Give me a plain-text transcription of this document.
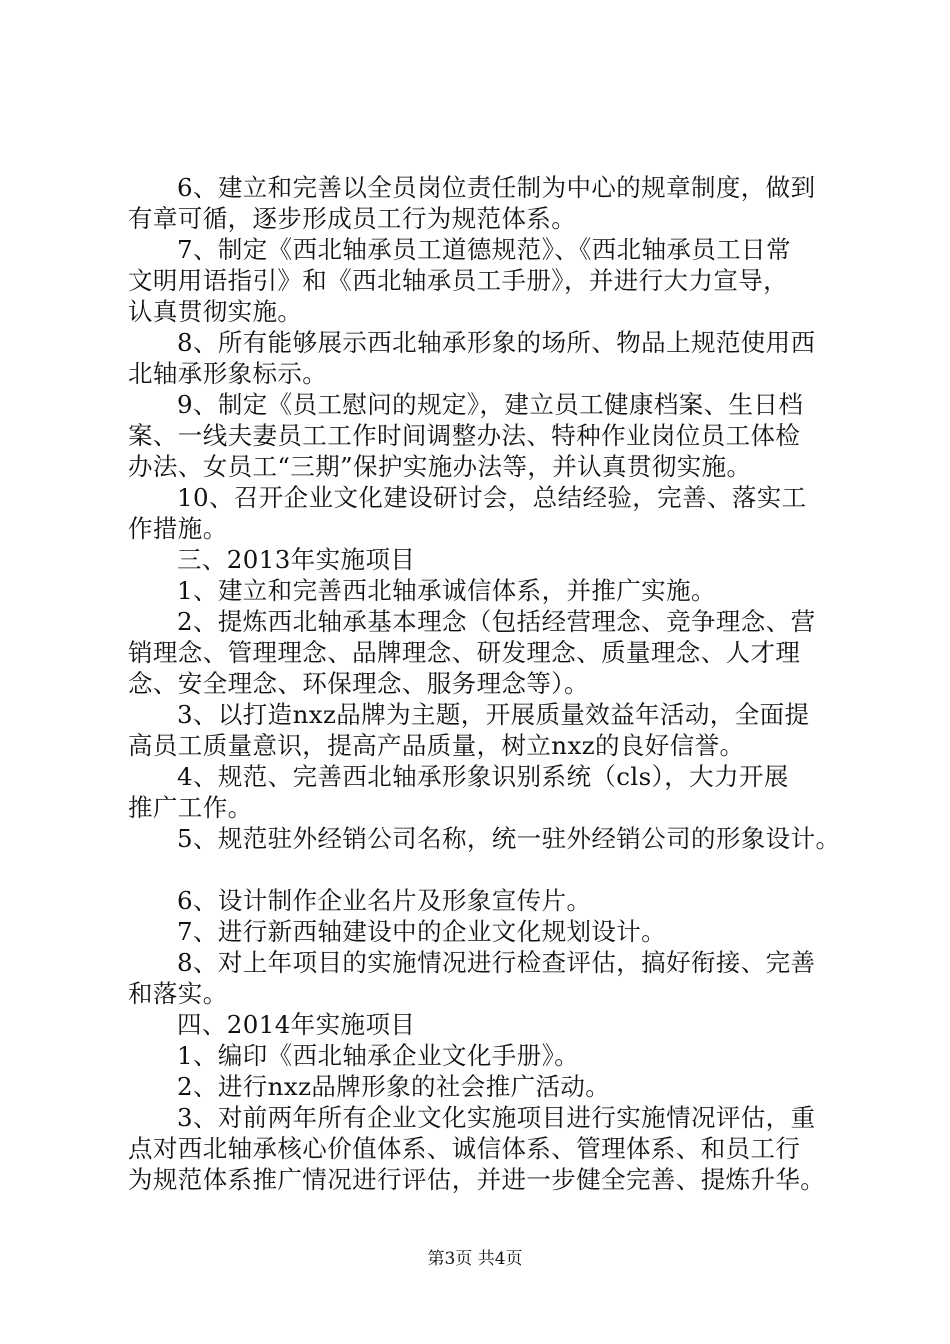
6、建立和完善以全员岗位责任制为中心的规章制度，做到
有章可循，逐步形成员工行为规范体系。
7、制定《西北轴承员工道德规范》、《西北轴承员工日常
文明用语指引》和《西北轴承员工手册》，并进行大力宣导，
认真贯彻实施。
8、所有能够展示西北轴承形象的场所、物品上规范使用西
北轴承形象标示。
9、制定《员工慰问的规定》，建立员工健康档案、生日档
案、一线夫妻员工工作时间调整办法、特种作业岗位员工体检
办法、女员工“三期”保护实施办法等，并认真贯彻实施。
10、召开企业文化建设研讨会，总结经验，完善、落实工
作措施。
三、2013年实施项目
1、建立和完善西北轴承诚信体系，并推广实施。
2、提炼西北轴承基本理念（包括经营理念、竞争理念、营
销理念、管理理念、品牌理念、研发理念、质量理念、人才理
念、安全理念、环保理念、服务理念等）。
3、以打造nxz品牌为主题，开展质量效益年活动，全面提
高员工质量意识，提高产品质量，树立nxz的良好信誉。
4、规范、完善西北轴承形象识别系统（cls），大力开展
推广工作。
5、规范驻外经销公司名称，统一驻外经销公司的形象设计。
6、设计制作企业名片及形象宣传片。
7、进行新西轴建设中的企业文化规划设计。
8、对上年项目的实施情况进行检查评估，搞好衔接、完善
和落实。
四、2014年实施项目
1、编印《西北轴承企业文化手册》。
2、进行nxz品牌形象的社会推广活动。
3、对前两年所有企业文化实施项目进行实施情况评估，重
点对西北轴承核心价值体系、诚信体系、管理体系、和员工行
为规范体系推广情况进行评估，并进一步健全完善、提炼升华。
第3页 共4页
